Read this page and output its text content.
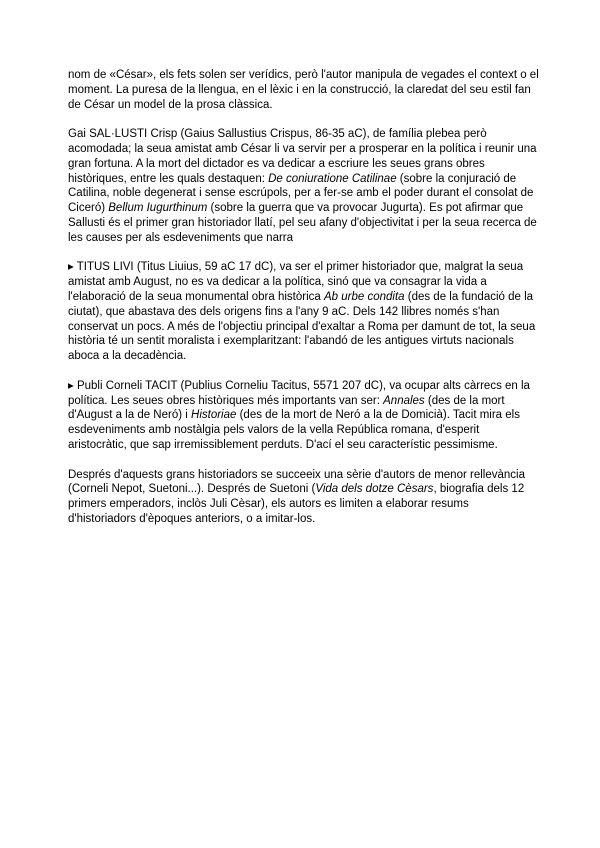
nom de «César», els fets solen ser verídics, però l'autor manipula de vegades el context o el moment. La puresa de la llengua, en el lèxic i en la construcció, la claredat del seu estil fan de César un model de la prosa clàssica.

Gai SAL·LUSTI Crisp (Gaius Sallustius Crispus, 86-35 aC), de família plebea però acomodada; la seua amistat amb César li va servir per a prosperar en la política i reunir una gran fortuna. A la mort del dictador es va dedicar a escriure les seues grans obres històriques, entre les quals destaquen: De coniuratione Catilinae (sobre la conjuració de Catilina, noble degenerat i sense escrúpols, per a fer-se amb el poder durant el consolat de Ciceró) Bellum Iugurthinum (sobre la guerra que va provocar Jugurta). Es pot afirmar que Sallusti és el primer gran historiador llatí, pel seu afany d'objectivitat i per la seua recerca de les causes per als esdeveniments que narra

▸ TITUS LIVI (Titus Liuius, 59 aC 17 dC), va ser el primer historiador que, malgrat la seua amistat amb August, no es va dedicar a la política, sinó que va consagrar la vida a l'elaboració de la seua monumental obra històrica Ab urbe condita (des de la fundació de la ciutat), que abastava des dels origens fins a l'any 9 aC. Dels 142 llibres només s'han conservat un pocs. A més de l'objectiu principal d'exaltar a Roma per damunt de tot, la seua història té un sentit moralista i exemplaritzant: l'abandó de les antigues virtuts nacionals aboca a la decadència.

▸ Publi Corneli TACIT (Publius Corneliu Tacitus, 5571 207 dC), va ocupar alts càrrecs en la política. Les seues obres històriques més importants van ser: Annales (des de la mort d'August a la de Neró) i Historiae (des de la mort de Neró a la de Domicià). Tacit mira els esdeveniments amb nostàlgia pels valors de la vella República romana, d'esperit aristocràtic, que sap irremissiblement perduts. D'ací el seu característic pessimisme.

Després d'aquests grans historiadors se succeeix una sèrie d'autors de menor rellevància (Corneli Nepot, Suetoni...). Després de Suetoni (Vida dels dotze Cèsars, biografia dels 12 primers emperadors, inclòs Juli Cèsar), els autors es limiten a elaborar resums d'historiadors d'èpoques anteriors, o a imitar-los.
